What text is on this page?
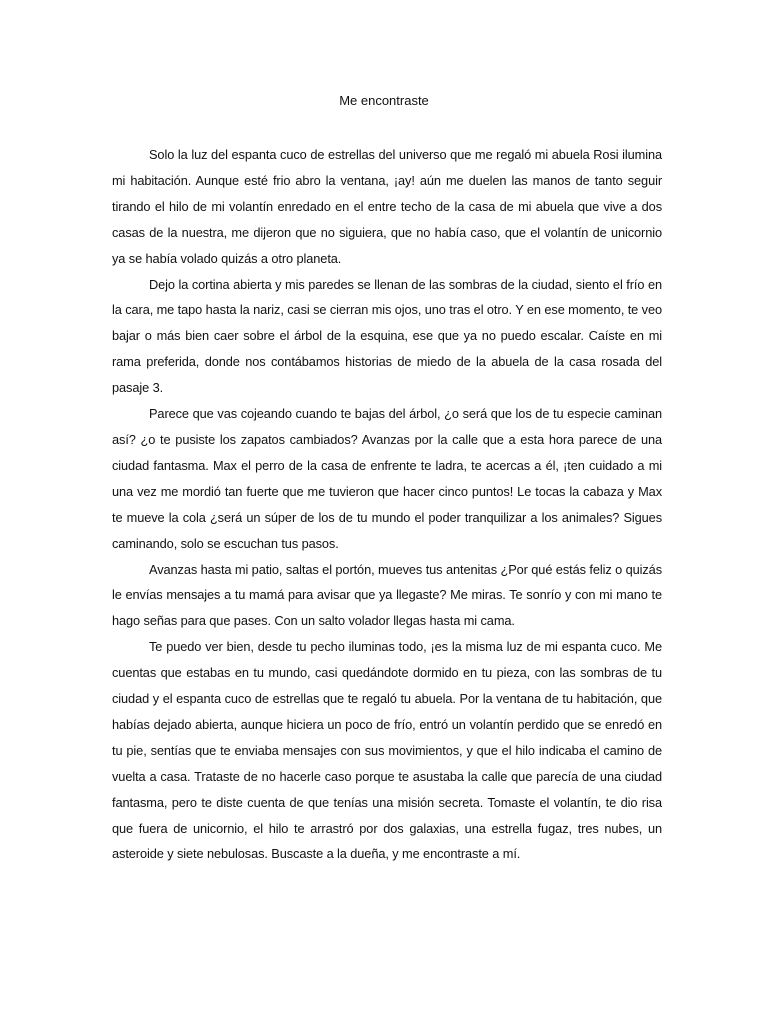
Me encontraste

Solo la luz del espanta cuco de estrellas del universo que me regaló mi abuela Rosi ilumina mi habitación. Aunque esté frio abro la ventana, ¡ay! aún me duelen las manos de tanto seguir tirando el hilo de mi volantín enredado en el entre techo de la casa de mi abuela que vive a dos casas de la nuestra, me dijeron que no siguiera, que no había caso, que el volantín de unicornio ya se había volado quizás a otro planeta.

Dejo la cortina abierta y mis paredes se llenan de las sombras de la ciudad, siento el frío en la cara, me tapo hasta la nariz, casi se cierran mis ojos, uno tras el otro. Y en ese momento, te veo bajar o más bien caer sobre el árbol de la esquina, ese que ya no puedo escalar. Caíste en mi rama preferida, donde nos contábamos historias de miedo de la abuela de la casa rosada del pasaje 3.

Parece que vas cojeando cuando te bajas del árbol, ¿o será que los de tu especie caminan así? ¿o te pusiste los zapatos cambiados? Avanzas por la calle que a esta hora parece de una ciudad fantasma. Max el perro de la casa de enfrente te ladra, te acercas a él, ¡ten cuidado a mi una vez me mordió tan fuerte que me tuvieron que hacer cinco puntos! Le tocas la cabaza y Max te mueve la cola ¿será un súper de los de tu mundo el poder tranquilizar a los animales? Sigues caminando, solo se escuchan tus pasos.

Avanzas hasta mi patio, saltas el portón, mueves tus antenitas ¿Por qué estás feliz o quizás le envías mensajes a tu mamá para avisar que ya llegaste? Me miras. Te sonrío y con mi mano te hago señas para que pases. Con un salto volador llegas hasta mi cama.

Te puedo ver bien, desde tu pecho iluminas todo, ¡es la misma luz de mi espanta cuco. Me cuentas que estabas en tu mundo, casi quedándote dormido en tu pieza, con las sombras de tu ciudad y el espanta cuco de estrellas que te regaló tu abuela. Por la ventana de tu habitación, que habías dejado abierta, aunque hiciera un poco de frío, entró un volantín perdido que se enredó en tu pie, sentías que te enviaba mensajes con sus movimientos, y que el hilo indicaba el camino de vuelta a casa. Trataste de no hacerle caso porque te asustaba la calle que parecía de una ciudad fantasma, pero te diste cuenta de que tenías una misión secreta. Tomaste el volantín, te dio risa que fuera de unicornio, el hilo te arrastró por dos galaxias, una estrella fugaz, tres nubes, un asteroide y siete nebulosas. Buscaste a la dueña, y me encontraste a mí.
